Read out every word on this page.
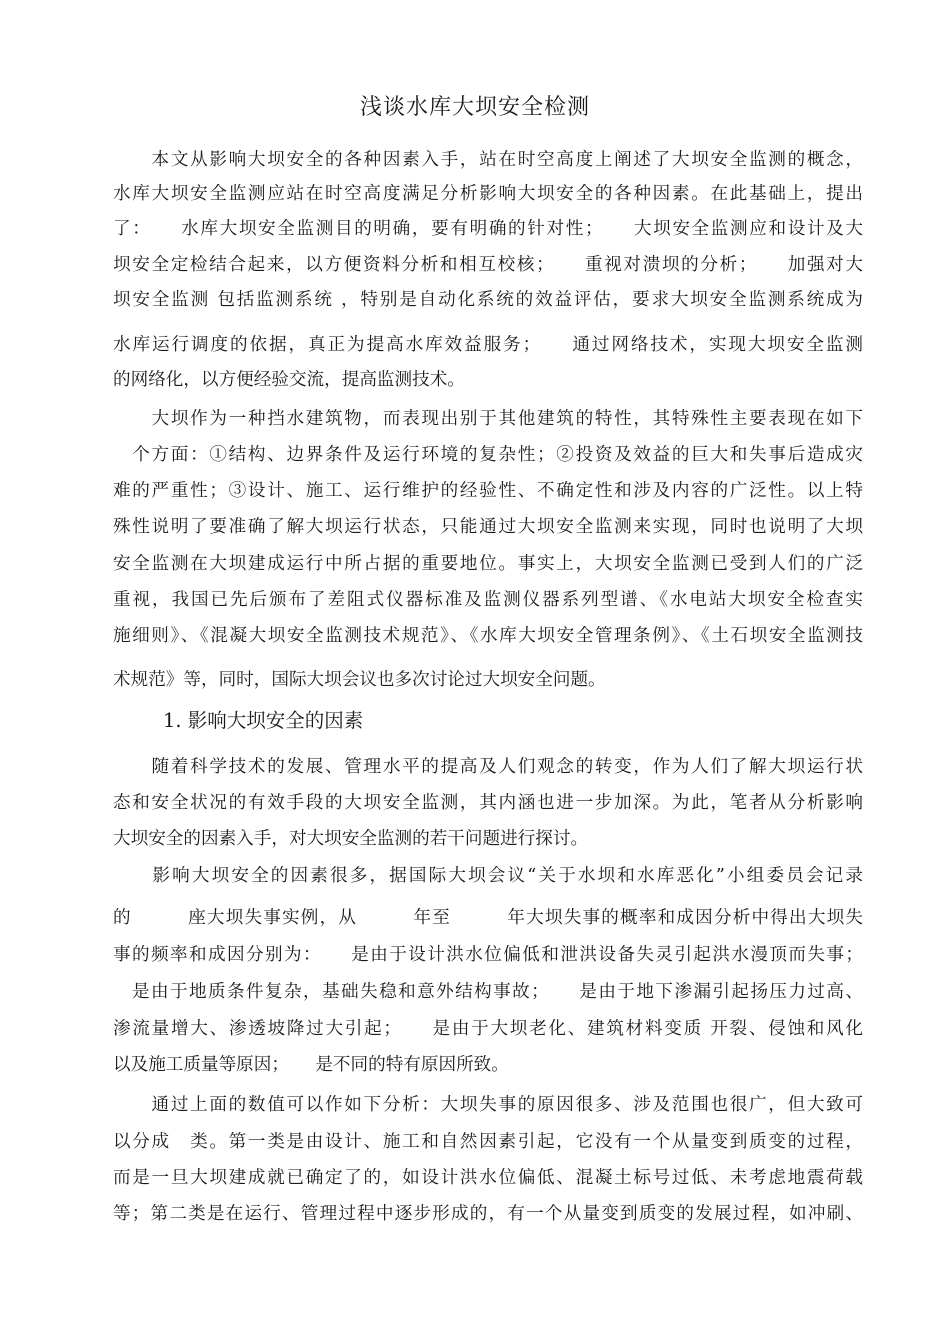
浅谈水库大坝安全检测
　　本文从影响大坝安全的各种因素入手，站在时空高度上阐述了大坝安全监测的概念，
水库大坝安全监测应站在时空高度满足分析影响大坝安全的各种因素。在此基础上，提出
了：　　水库大坝安全监测目的明确，要有明确的针对性；　　大坝安全监测应和设计及大
坝安全定检结合起来，以方便资料分析和相互校核；　　重视对溃坝的分析；　　加强对大
坝安全监测 包括监测系统 ，特别是自动化系统的效益评估，要求大坝安全监测系统成为
水库运行调度的依据，真正为提高水库效益服务；　　通过网络技术，实现大坝安全监测
的网络化，以方便经验交流，提高监测技术。
　　大坝作为一种挡水建筑物，而表现出别于其他建筑的特性，其特殊性主要表现在如下
　个方面：①结构、边界条件及运行环境的复杂性；②投资及效益的巨大和失事后造成灾
难的严重性；③设计、施工、运行维护的经验性、不确定性和涉及内容的广泛性。以上特
殊性说明了要准确了解大坝运行状态，只能通过大坝安全监测来实现，同时也说明了大坝
安全监测在大坝建成运行中所占据的重要地位。事实上，大坝安全监测已受到人们的广泛
重视，我国已先后颁布了差阻式仪器标准及监测仪器系列型谱、《水电站大坝安全检查实
施细则》、《混凝大坝安全监测技术规范》、《水库大坝安全管理条例》、《土石坝安全监测技
术规范》等，同时，国际大坝会议也多次讨论过大坝安全问题。
1. 影响大坝安全的因素
　　随着科学技术的发展、管理水平的提高及人们观念的转变，作为人们了解大坝运行状
态和安全状况的有效手段的大坝安全监测，其内涵也进一步加深。为此，笔者从分析影响
大坝安全的因素入手，对大坝安全监测的若干问题进行探讨。
　　影响大坝安全的因素很多，据国际大坝会议“关于水坝和水库恶化”小组委员会记录
的　　　座大坝失事实例，从　　　年至　　　年大坝失事的概率和成因分析中得出大坝失
事的频率和成因分别为：　　是由于设计洪水位偏低和泄洪设备失灵引起洪水漫顶而失事；
　是由于地质条件复杂，基础失稳和意外结构事故；　　是由于地下渗漏引起扬压力过高、
渗流量增大、渗透坡降过大引起；　　是由于大坝老化、建筑材料变质 开裂、侵蚀和风化
以及施工质量等原因；　　是不同的特有原因所致。
　　通过上面的数值可以作如下分析：大坝失事的原因很多、涉及范围也很广，但大致可
以分成　类。第一类是由设计、施工和自然因素引起，它没有一个从量变到质变的过程，
而是一旦大坝建成就已确定了的，如设计洪水位偏低、混凝土标号过低、未考虑地震荷载
等；第二类是在运行、管理过程中逐步形成的，有一个从量变到质变的发展过程，如冲刷、
